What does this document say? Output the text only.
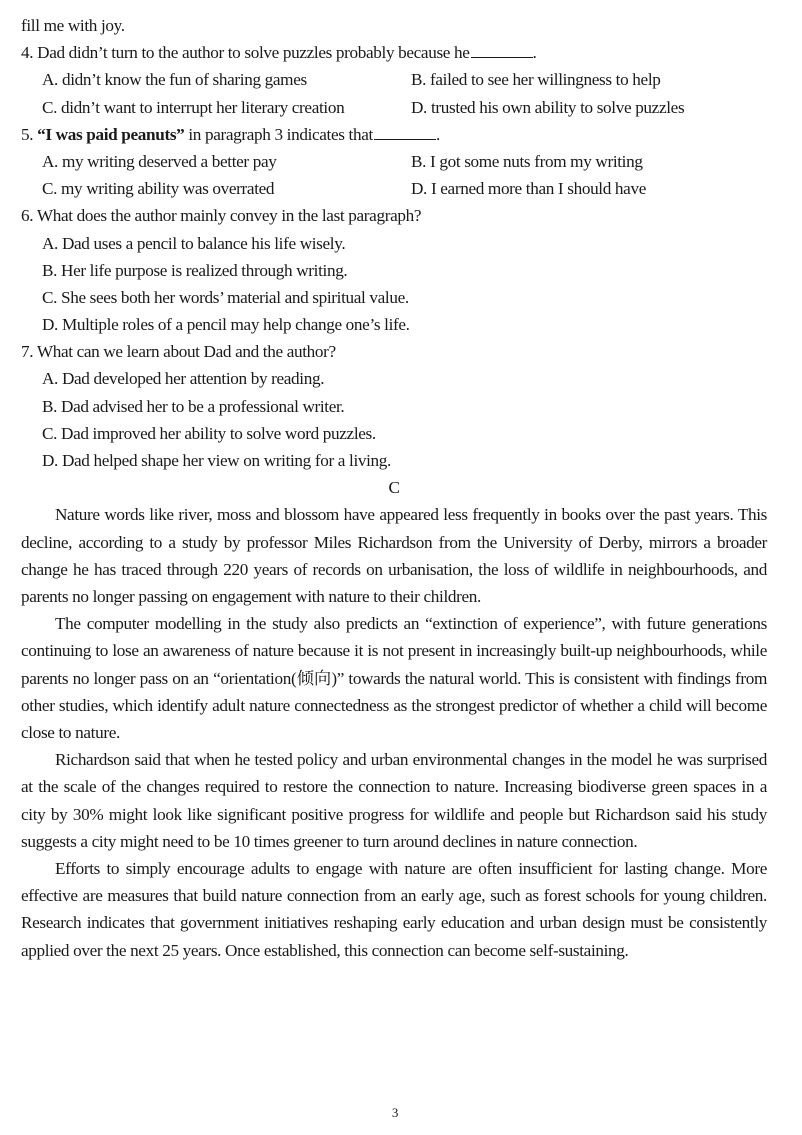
fill me with joy.
4. Dad didn’t turn to the author to solve puzzles probably because he	.
A. didn’t know the fun of sharing games	B. failed to see her willingness to help
C. didn’t want to interrupt her literary creation	D. trusted his own ability to solve puzzles
5. “I was paid peanuts” in paragraph 3 indicates that	.
A. my writing deserved a better pay	B. I got some nuts from my writing
C. my writing ability was overrated	D. I earned more than I should have
6. What does the author mainly convey in the last paragraph?
A. Dad uses a pencil to balance his life wisely.
B. Her life purpose is realized through writing.
C. She sees both her words’ material and spiritual value.
D. Multiple roles of a pencil may help change one’s life.
7. What can we learn about Dad and the author?
A. Dad developed her attention by reading.
B. Dad advised her to be a professional writer.
C. Dad improved her ability to solve word puzzles.
D. Dad helped shape her view on writing for a living.
C

Nature words like river, moss and blossom have appeared less frequently in books over the past years. This decline, according to a study by professor Miles Richardson from the University of Derby, mirrors a broader change he has traced through 220 years of records on urbanisation, the loss of wildlife in neighbourhoods, and parents no longer passing on engagement with nature to their children.

The computer modelling in the study also predicts an “extinction of experience”, with future generations continuing to lose an awareness of nature because it is not present in increasingly built-up neighbourhoods, while parents no longer pass on an “orientation(倾向)” towards the natural world. This is consistent with findings from other studies, which identify adult nature connectedness as the strongest predictor of whether a child will become close to nature.

Richardson said that when he tested policy and urban environmental changes in the model he was surprised at the scale of the changes required to restore the connection to nature. Increasing biodiverse green spaces in a city by 30% might look like significant positive progress for wildlife and people but Richardson said his study suggests a city might need to be 10 times greener to turn around declines in nature connection.

Efforts to simply encourage adults to engage with nature are often insufficient for lasting change. More effective are measures that build nature connection from an early age, such as forest schools for young children. Research indicates that government initiatives reshaping early education and urban design must be consistently applied over the next 25 years. Once established, this connection can become self-sustaining.

3
